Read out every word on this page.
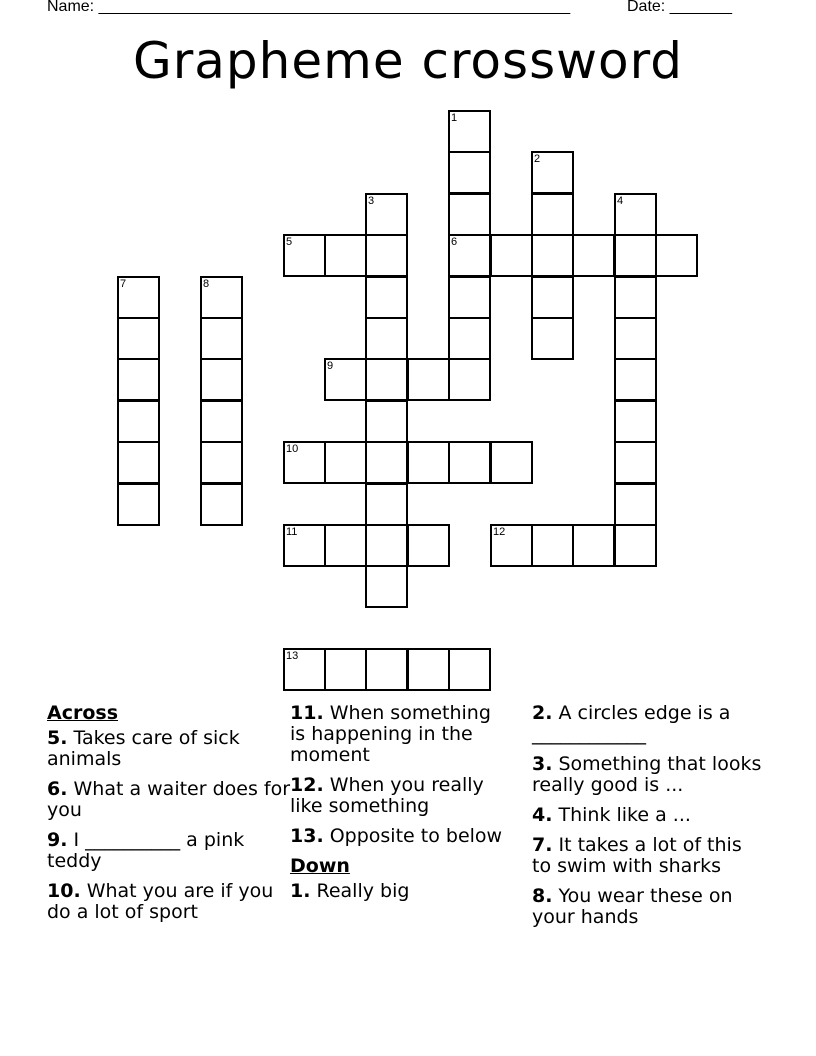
Name: _____________________________________________________	Date: _______
Grapheme crossword
1
6
2
3	4
5
7	8
9
10
11	12
13
Across
5. Takes care of sick animals
6. What a waiter does for you
9. I __________ a pink teddy
10. What you are if you do a lot of sport
11. When something is happening in the moment
12. When you really like something
13. Opposite to below
Down
1. Really big
2. A circles edge is a ____________
3. Something that looks really good is ...
4. Think like a ...
7. It takes a lot of this to swim with sharks
8. You wear these on your hands
